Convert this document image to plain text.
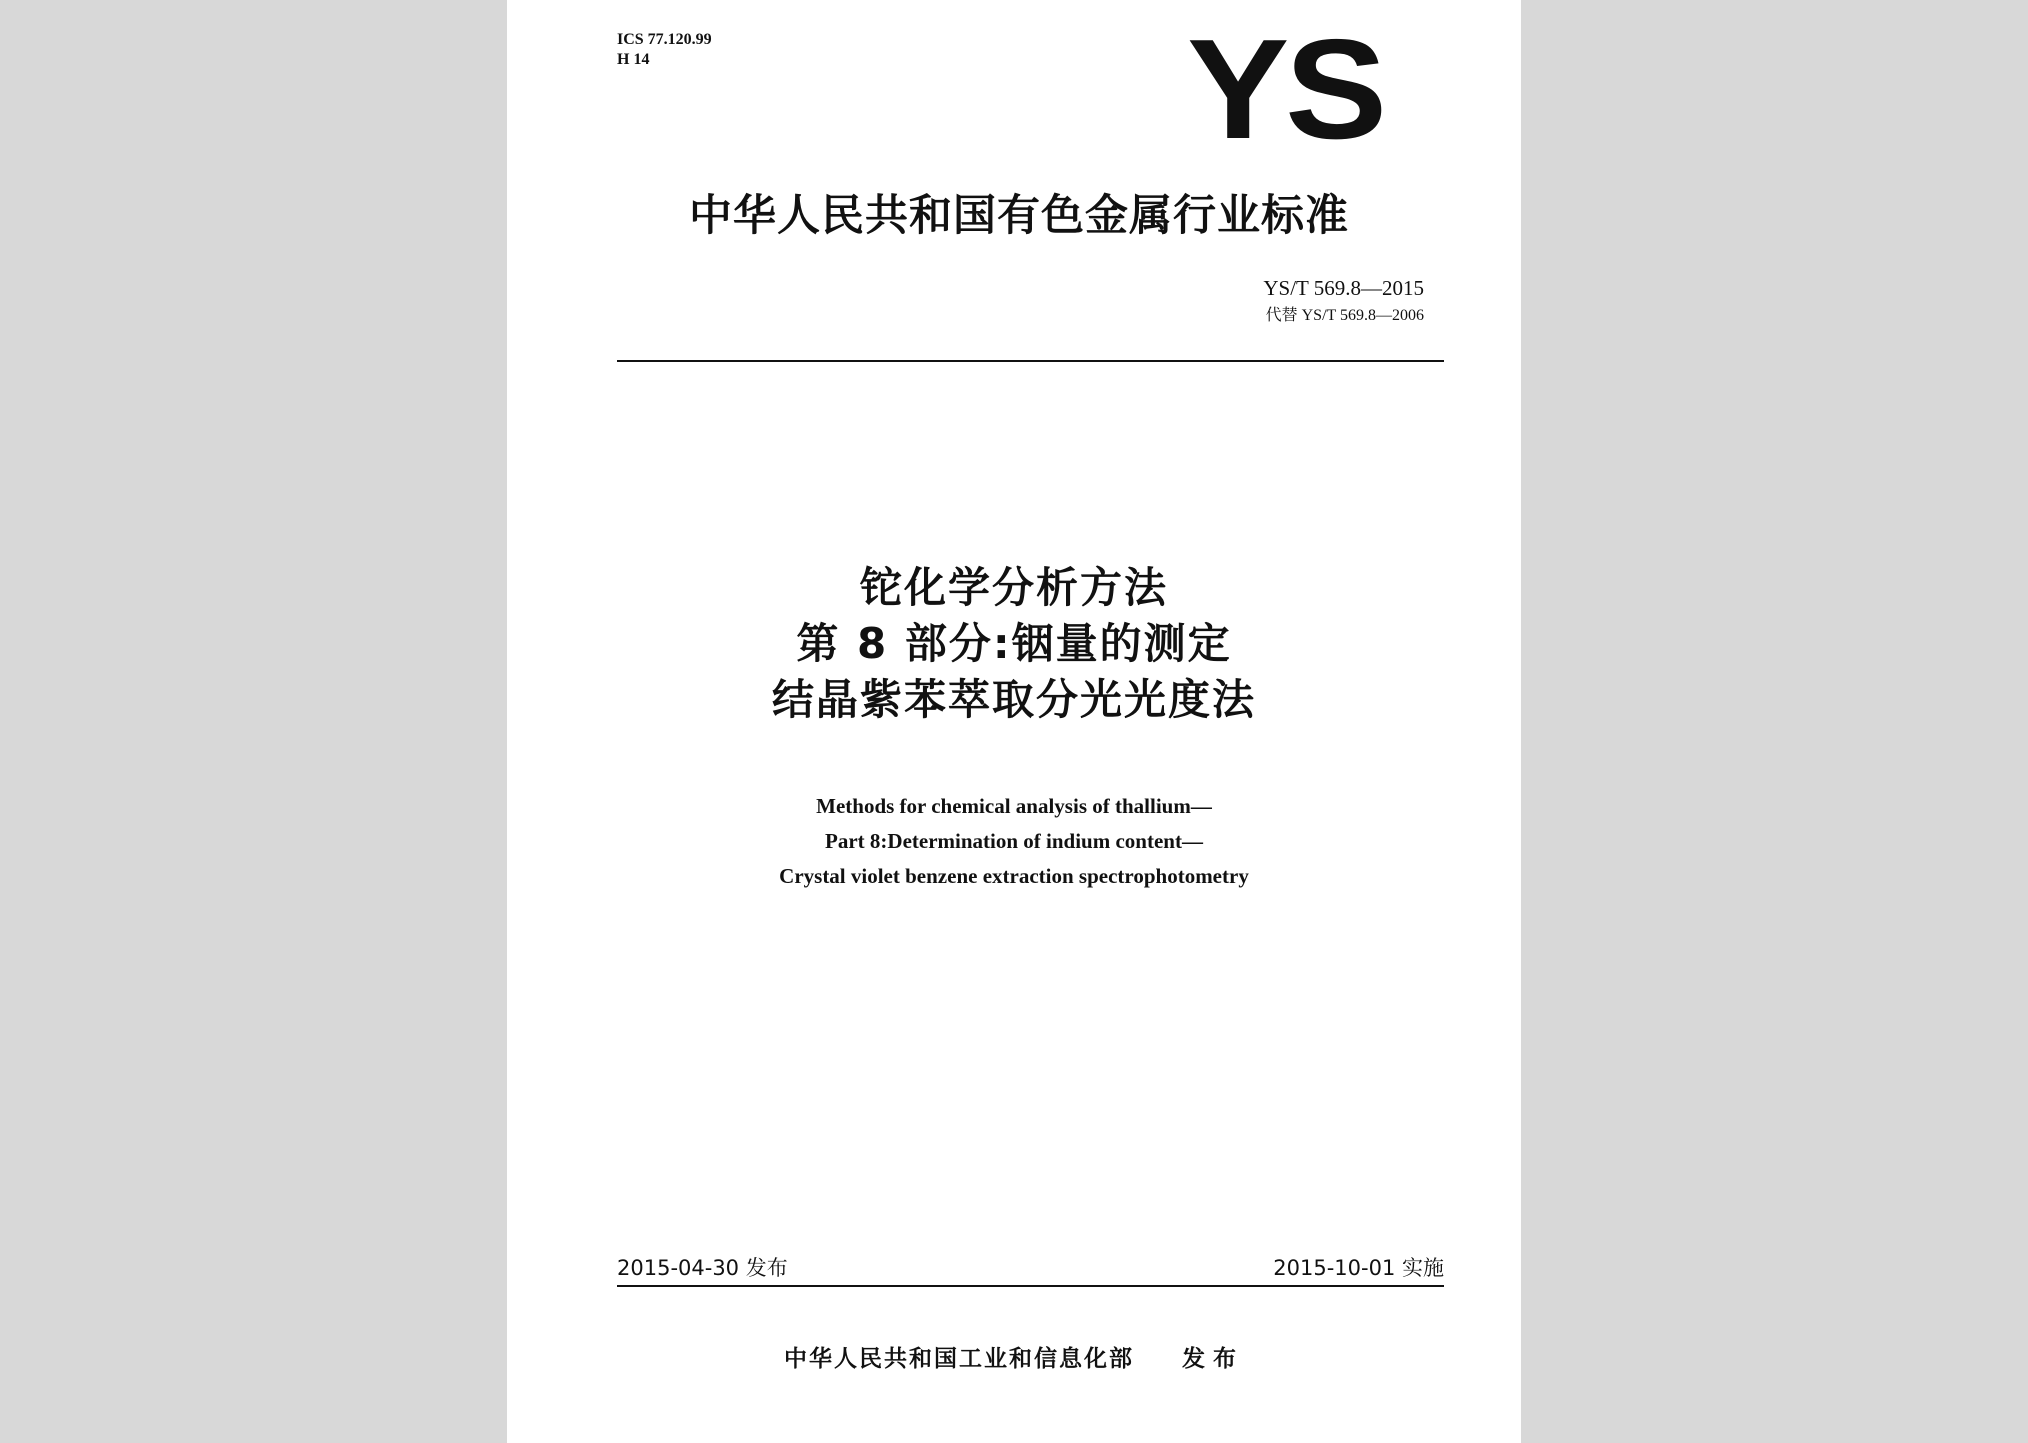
ICS 77.120.99
H 14	YS
中华人民共和国有色金属行业标准
YS/T 569.8—2015
代替 YS/T 569.8—2006
铊化学分析方法
第 8 部分:铟量的测定
结晶紫苯萃取分光光度法
Methods for chemical analysis of thallium—
Part 8:Determination of indium content—
Crystal violet benzene extraction spectrophotometry
2015-04-30 发布	2015-10-01 实施
中华人民共和国工业和信息化部 发布
